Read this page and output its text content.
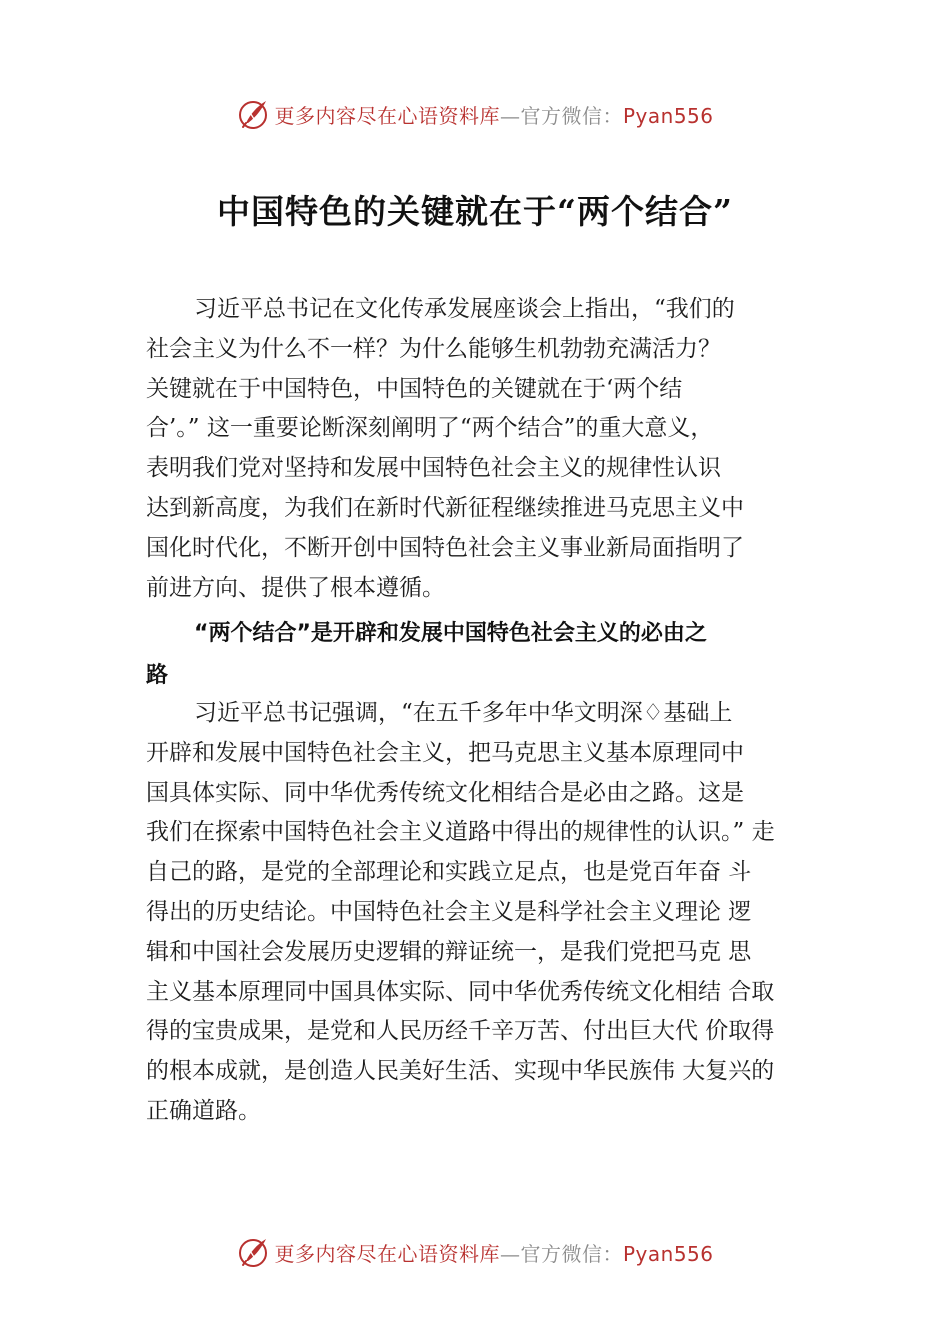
更多内容尽在心语资料库—官方微信：Pyan556
中国特色的关键就在于“两个结合”
习近平总书记在文化传承发展座谈会上指出，“我们的
社会主义为什么不一样？为什么能够生机勃勃充满活力？
关键就在于中国特色，中国特色的关键就在于‘两个结
合’。” 这一重要论断深刻阐明了“两个结合”的重大意义，
表明我们党对坚持和发展中国特色社会主义的规律性认识
达到新高度，为我们在新时代新征程继续推进马克思主义中
国化时代化，不断开创中国特色社会主义事业新局面指明了
前进方向、提供了根本遵循。
“两个结合”是开辟和发展中国特色社会主义的必由之
路
习近平总书记强调，“在五千多年中华文明深♢基础上
开辟和发展中国特色社会主义，把马克思主义基本原理同中
国具体实际、同中华优秀传统文化相结合是必由之路。这是
我们在探索中国特色社会主义道路中得出的规律性的认识。” 走
自己的路，是党的全部理论和实践立足点，也是党百年奋 斗
得出的历史结论。中国特色社会主义是科学社会主义理论 逻
辑和中国社会发展历史逻辑的辩证统一，是我们党把马克 思
主义基本原理同中国具体实际、同中华优秀传统文化相结 合取
得的宝贵成果，是党和人民历经千辛万苦、付出巨大代 价取得
的根本成就，是创造人民美好生活、实现中华民族伟 大复兴的
正确道路。
更多内容尽在心语资料库—官方微信：Pyan556
